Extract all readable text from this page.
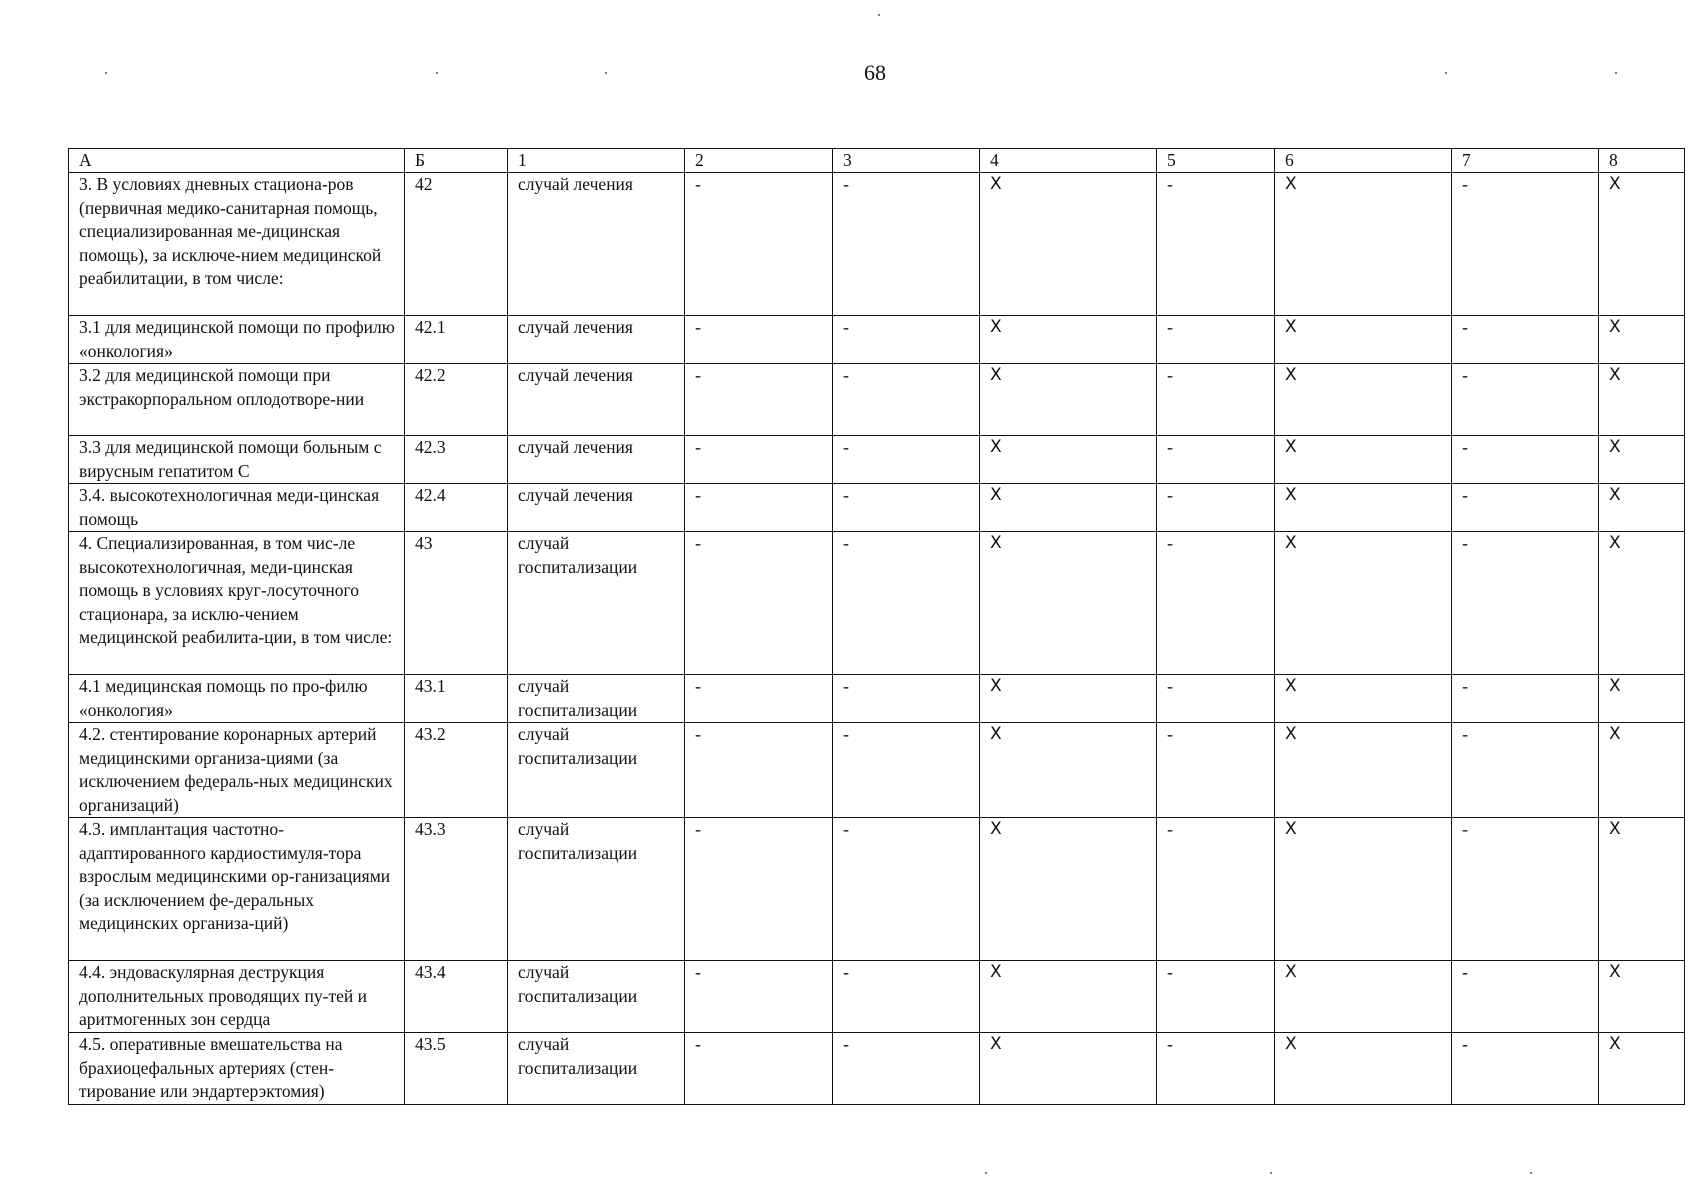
68
А	Б	1	2	3	4	5	6	7	8
3. В условиях дневных стациона-ров (первичная медико-санитарная помощь, специализированная ме-дицинская помощь), за исключе-нием медицинской реабилитации, в том числе:	42	случай лечения	-	-	X	-	X	-	X
3.1 для медицинской помощи по профилю «онкология»	42.1	случай лечения	-	-	X	-	X	-	X
3.2 для медицинской помощи при экстракорпоральном оплодотворе-нии	42.2	случай лечения	-	-	X	-	X	-	X
3.3 для медицинской помощи больным с вирусным гепатитом С	42.3	случай лечения	-	-	X	-	X	-	X
3.4. высокотехнологичная меди-цинская помощь	42.4	случай лечения	-	-	X	-	X	-	X
4. Специализированная, в том чис-ле высокотехнологичная, меди-цинская помощь в условиях круг-лосуточного стационара, за исклю-чением медицинской реабилита-ции, в том числе:	43	случай госпитализации	-	-	X	-	X	-	X
4.1 медицинская помощь по про-филю «онкология»	43.1	случай госпитализации	-	-	X	-	X	-	X
4.2. стентирование коронарных артерий медицинскими организа-циями (за исключением федераль-ных медицинских организаций)	43.2	случай госпитализации	-	-	X	-	X	-	X
4.3. имплантация частотно-адаптированного кардиостимуля-тора взрослым медицинскими ор-ганизациями (за исключением фе-деральных медицинских организа-ций)	43.3	случай госпитализации	-	-	X	-	X	-	X
4.4. эндоваскулярная деструкция дополнительных проводящих пу-тей и аритмогенных зон сердца	43.4	случай госпитализации	-	-	X	-	X	-	X
4.5. оперативные вмешательства на брахиоцефальных артериях (стен-тирование или эндартерэктомия)	43.5	случай госпитализации	-	-	X	-	X	-	X
